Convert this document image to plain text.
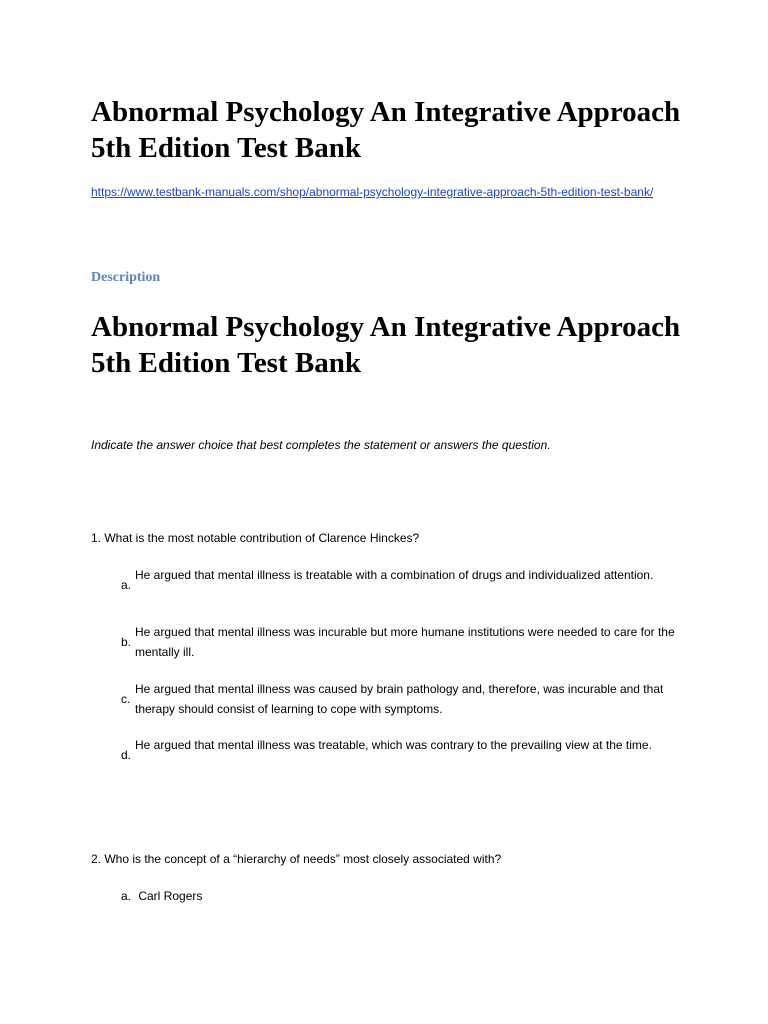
Abnormal Psychology An Integrative Approach 5th Edition Test Bank
https://www.testbank-manuals.com/shop/abnormal-psychology-integrative-approach-5th-edition-test-bank/
Description
Abnormal Psychology An Integrative Approach 5th Edition Test Bank
Indicate the answer choice that best completes the statement or answers the question.
1. What is the most notable contribution of Clarence Hinckes?
a.
He argued that mental illness is treatable with a combination of drugs and individualized attention.
b.
He argued that mental illness was incurable but more humane institutions were needed to care for the mentally ill.
c.
He argued that mental illness was caused by brain pathology and, therefore, was incurable and that therapy should consist of learning to cope with symptoms.
d.
He argued that mental illness was treatable, which was contrary to the prevailing view at the time.
2. Who is the concept of a “hierarchy of needs” most closely associated with?
a. Carl Rogers
